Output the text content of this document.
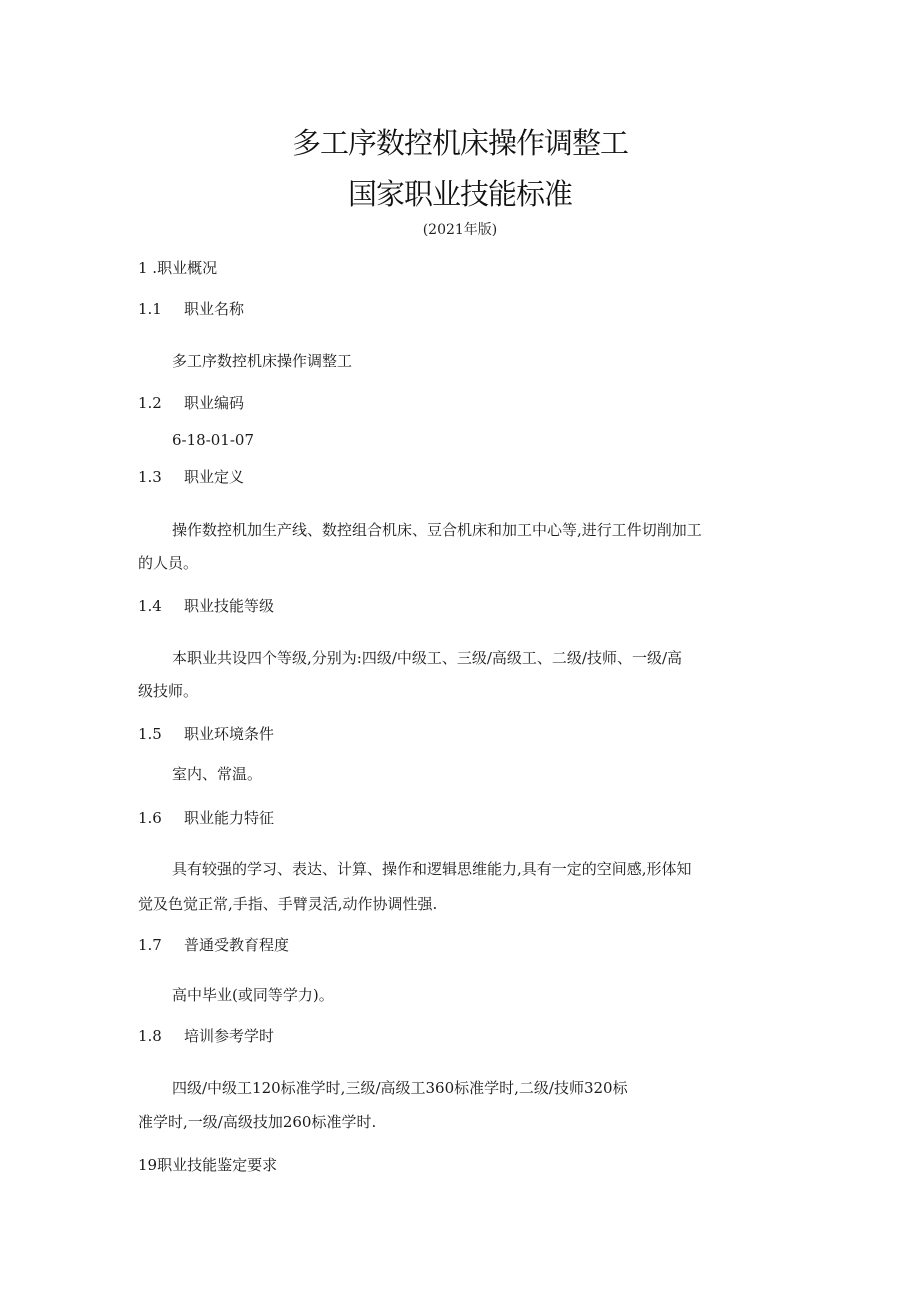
多工序数控机床操作调整工
国家职业技能标准
(2021年版)
1 .职业概况
1.1 职业名称
多工序数控机床操作调整工
1.2 职业编码
6-18-01-07
1.3 职业定义
操作数控机加生产线、数控组合机床、豆合机床和加工中心等,进行工件切削加工
的人员。
1.4 职业技能等级
本职业共设四个等级,分别为:四级/中级工、三级/高级工、二级/技师、一级/高
级技师。
1.5 职业环境条件
室内、常温。
1.6 职业能力特征
具有较强的学习、表达、计算、操作和逻辑思维能力,具有一定的空间感,形体知
觉及色觉正常,手指、手臂灵活,动作协调性强.
1.7 普通受教育程度
高中毕业(或同等学力)。
1.8 培训参考学时
四级/中级工120标准学时,三级/高级工360标准学时,二级/技师320标
准学时,一级/高级技加260标准学时.
19职业技能鉴定要求
